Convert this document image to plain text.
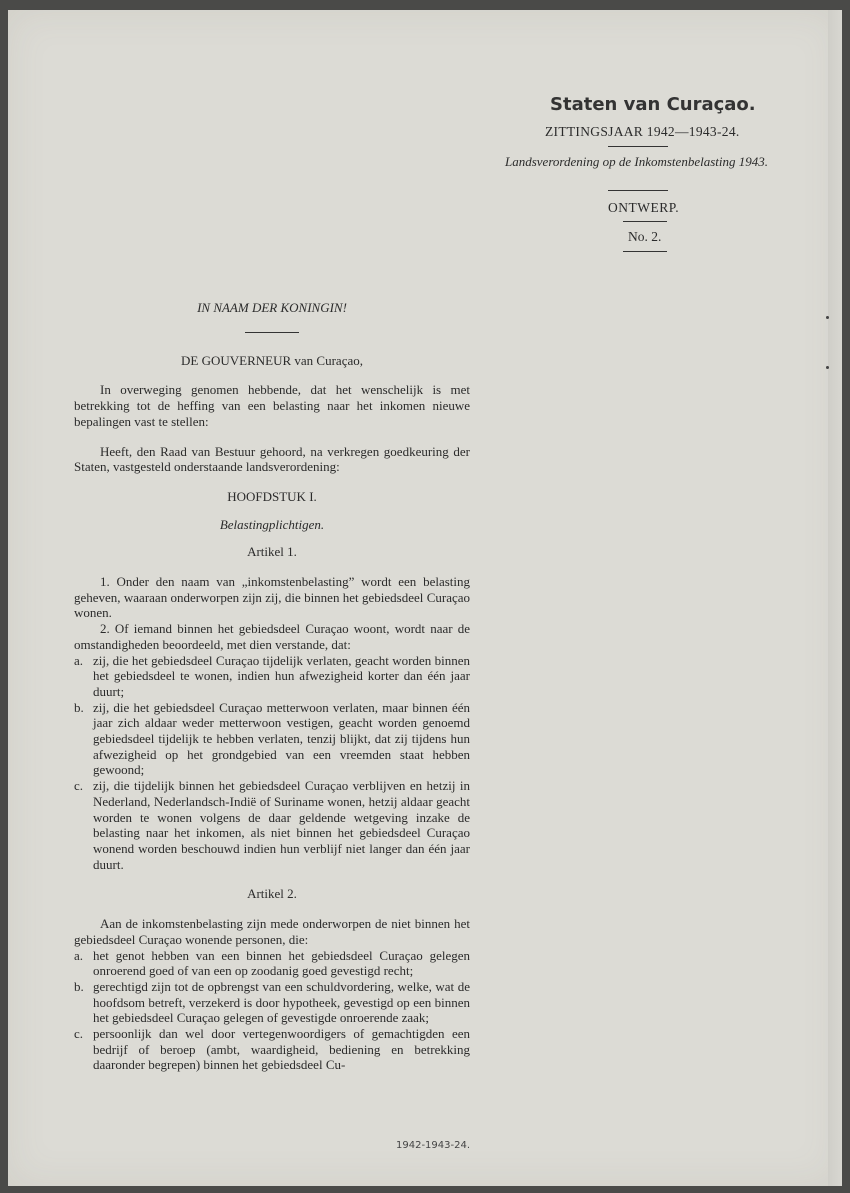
Staten van Curaçao.
ZITTINGSJAAR 1942—1943-24.
Landsverordening op de Inkomstenbelasting 1943.
ONTWERP.
No. 2.
IN NAAM DER KONINGIN!
DE GOUVERNEUR van Curaçao,

In overweging genomen hebbende, dat het wenschelijk is met betrekking tot de heffing van een belasting naar het inkomen nieuwe bepalingen vast te stellen:

Heeft, den Raad van Bestuur gehoord, na verkregen goedkeuring der Staten, vastgesteld onderstaande landsverordening:

HOOFDSTUK I.
Belastingplichtigen.
Artikel 1.

1. Onder den naam van „inkomstenbelasting” wordt een belasting geheven, waaraan onderworpen zijn zij, die binnen het gebiedsdeel Curaçao wonen.

2. Of iemand binnen het gebiedsdeel Curaçao woont, wordt naar de omstandigheden beoordeeld, met dien verstande, dat:

a. zij, die het gebiedsdeel Curaçao tijdelijk verlaten, geacht worden binnen het gebiedsdeel te wonen, indien hun afwezigheid korter dan één jaar duurt;
b. zij, die het gebiedsdeel Curaçao metterwoon verlaten, maar binnen één jaar zich aldaar weder metterwoon vestigen, geacht worden genoemd gebiedsdeel tijdelijk te hebben verlaten, tenzij blijkt, dat zij tijdens hun afwezigheid op het grondgebied van een vreemden staat hebben gewoond;
c. zij, die tijdelijk binnen het gebiedsdeel Curaçao verblijven en hetzij in Nederland, Nederlandsch-Indië of Suriname wonen, hetzij aldaar geacht worden te wonen volgens de daar geldende wetgeving inzake de belasting naar het inkomen, als niet binnen het gebiedsdeel Curaçao wonend worden beschouwd indien hun verblijf niet langer dan één jaar duurt.
Artikel 2.

Aan de inkomstenbelasting zijn mede onderworpen de niet binnen het gebiedsdeel Curaçao wonende personen, die:

a. het genot hebben van een binnen het gebiedsdeel Curaçao gelegen onroerend goed of van een op zoodanig goed gevestigd recht;
b. gerechtigd zijn tot de opbrengst van een schuldvordering, welke, wat de hoofdsom betreft, verzekerd is door hypotheek, gevestigd op een binnen het gebiedsdeel Curaçao gelegen of gevestigde onroerende zaak;
c. persoonlijk dan wel door vertegenwoordigers of gemachtigden een bedrijf of beroep (ambt, waardigheid, bediening en betrekking daaronder begrepen) binnen het gebiedsdeel Cu-
1942-1943-24.
